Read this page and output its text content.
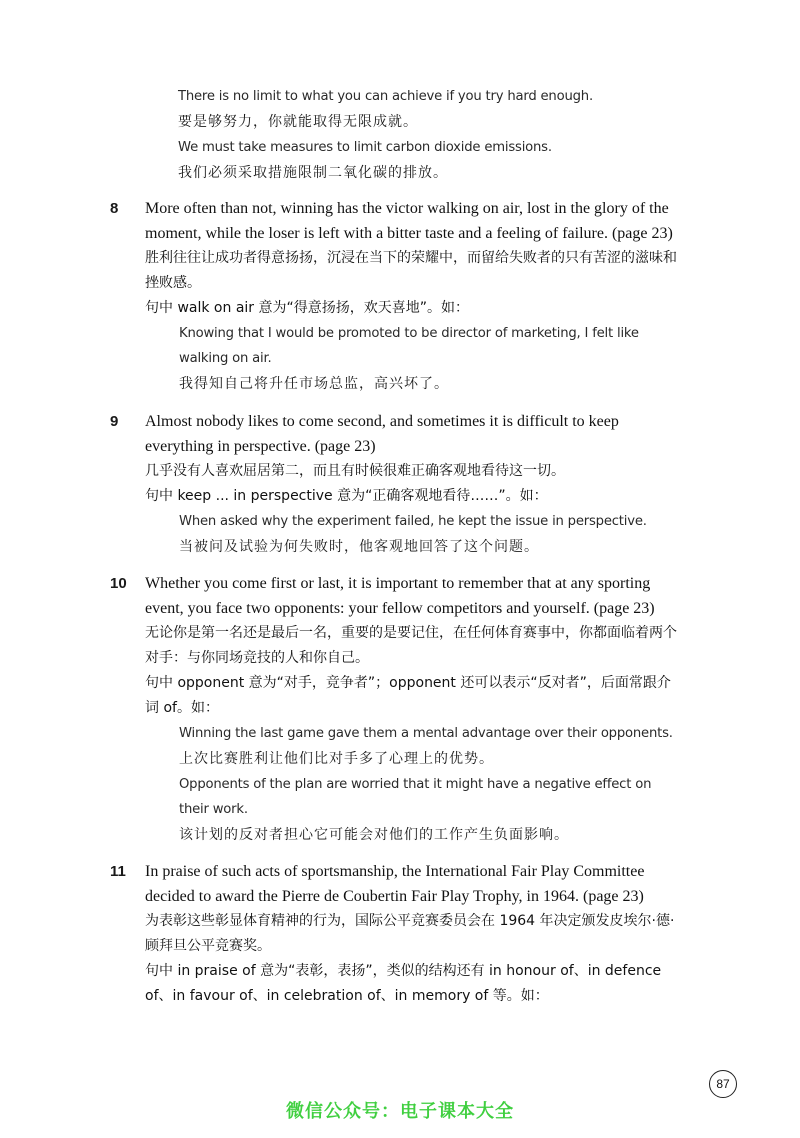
There is no limit to what you can achieve if you try hard enough.
要是够努力，你就能取得无限成就。
We must take measures to limit carbon dioxide emissions.
我们必须采取措施限制二氧化碳的排放。
8 More often than not, winning has the victor walking on air, lost in the glory of the moment, while the loser is left with a bitter taste and a feeling of failure. (page 23)
胜利往往让成功者得意扬扬，沉浸在当下的荣耀中，而留给失败者的只有苦涩的滋味和挫败感。
句中 walk on air 意为“得意扬扬，欢天喜地”。如：
Knowing that I would be promoted to be director of marketing, I felt like walking on air.
我得知自己将升任市场总监，高兴坏了。
9 Almost nobody likes to come second, and sometimes it is difficult to keep everything in perspective. (page 23)
几乎没有人喜欢屈居第二，而且有时候很难正确客观地看待这一切。
句中 keep ... in perspective 意为“正确客观地看待……”。如：
When asked why the experiment failed, he kept the issue in perspective.
当被问及试验为何失败时，他客观地回答了这个问题。
10 Whether you come first or last, it is important to remember that at any sporting event, you face two opponents: your fellow competitors and yourself. (page 23)
无论你是第一名还是最后一名，重要的是要记住，在任何体育赛事中，你都面临着两个对手：与你同场竞技的人和你自己。
句中 opponent 意为“对手，竞争者”；opponent 还可以表示“反对者”，后面常跟介词 of。如：
Winning the last game gave them a mental advantage over their opponents.
上次比赛胜利让他们比对手多了心理上的优势。
Opponents of the plan are worried that it might have a negative effect on their work.
该计划的反对者担心它可能会对他们的工作产生负面影响。
11 In praise of such acts of sportsmanship, the International Fair Play Committee decided to award the Pierre de Coubertin Fair Play Trophy, in 1964. (page 23)
为表彰这些彰显体育精神的行为，国际公平竞赛委员会在 1964 年决定颁发皮埃尔·德·顾拜旦公平竞赛奖。
句中 in praise of 意为“表彰，表扬”，类似的结构还有 in honour of、in defence of、in favour of、in celebration of、in memory of 等。如：
87
微信公众号：电子课本大全
